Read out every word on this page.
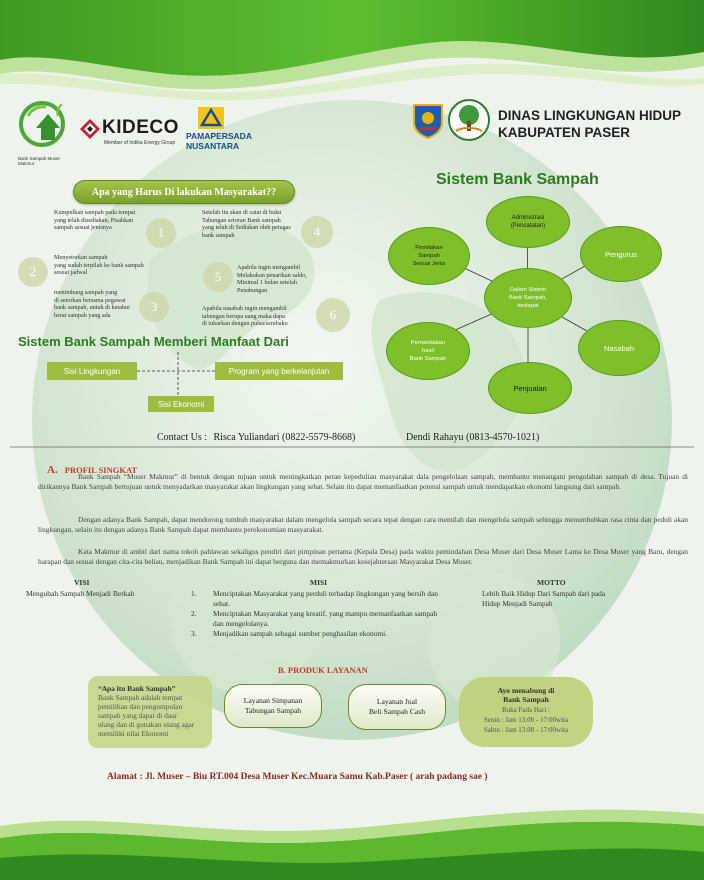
Bank Sampah Muser Makmur
KIDECO
Member of Indika Energy Group
PAMAPERSADA
NUSANTARA
DINAS LINGKUNGAN HIDUP
KABUPATEN PASER
Apa yang Harus Di lakukan Masyarakat??
Kumpulkan sampah pada tempat
yang telah disediakan, Pisahkan
sampah sesuai jenisnya	1
2
Menyetorkan sampah
yang sudah terpilah ke bank sampah
sesuai jadwal
menimbang sampah yang
di setorkan bersama pegawai
bank sampah, untuk di ketahui
berat sampah yang ada
3
Setelah itu akan di catat di buku
Tabungan setoran Bank sampah
yang telah di Sediakan oleh petugas
bank sampah	4
5
Apabila ingin mengambil
Melakukan penarikan saldo,
Minimal 1 bulan setelah
Penabungan
Apabila nasabah ingin mengambil
tabungan berupa uang maka dapa
di tukarkan dengan pulsa/sembako
6
Sistem Bank Sampah
Dalam Sistem
Bank Sampah,
terdapat
Administrasi
(Pencatatan)
Pengurus
Nasabah
Penjualan
Pemanfaatan
hasil
Bank Sampah
Pemilahan
Sampah
Sesuai Jenis
Sistem Bank Sampah Memberi Manfaat Dari
Sisi Lingkungan	Program yang berkelanjutan
Sisi Ekonomi
Contact Us : Risca Yuliandari (0822-5579-8668)	Dendi Rahayu (0813-4570-1021)
A. PROFIL SINGKAT
Bank Sampah “Muser Makmur” di bentuk dengan tujuan untuk meningkatkan peran kepedulian masyarakat dala pengelolaan sampah, membantu menangani pengolahan sampah di desa. Tujuan di dirikannya Bank Sampah bertujuan untuk menyadarkan masyarakat akan lingkungan yang sehat. Selain itu dapat memanfaatkan potensi sampah untuk mendapatkan ekonomi langsung dari sampah.
Dengan adanya Bank Sampah, dapat mendorong tumbuh masyarakat dalam mengelola sampah secara tepat dengan cara memilah dan mengelola sampah sehingga menumbuhkan rasa cinta dan peduli akan lingkungan, selain itu dengan adanya Bank Sampah dapat membantu perekonomian masyarakat.
Kata Makmur di ambil dari nama tokoh pahlawan sekaligus pendiri dari pimpinan pertama (Kepala Desa) pada waktu pemindahan Desa Muser dari Desa Muser Lama ke Desa Muser yang Baru, dengan harapan dan sesuai dengan cita-cita beliau, menjadikan Bank Sampah ini dapat bergunа dan memakmurkan kesejahteraan Masyarakat Desa Muser.
VISI
Mengubah Sampah Menjadi Berkah
MISI
1.	Menciptakan Masyarakat yang perduli terhadap lingkungan yang bersih dan
sehat.
2.	Menciptakan Masyarakat yang kreatif, yang mampu memanfaatkan sampah
dan mengelolanya.
3.	Menjadikan sampah sebagai sumber penghasilan ekonomi.
MOTTO
Lebih Baik Hidup Dari Sampah dari pada
Hidup Menjadi Sampah
B. PRODUK LAYANAN
“Apa itu Bank Sampah”
Bank Sampah adalah tempat
pemilihan dan pengumpulan
sampah yang dapat di daur
ulang dan di gunakan ulang agar
memiliki nilai Ekonomi
Layanan Simpanan
Tabungan Sampah
Layanan Jual
Beli Sampah Cash
Ayo menabung di
Bank Sampah
Buka Pada Hari :
Senin : Jam 13:00 - 17:00wita
Sabtu : Jam 13:00 - 17:00wita
Alamat : Jl. Muser – Biu RT.004 Desa Muser Kec.Muara Samu Kab.Paser ( arah padang sae )
